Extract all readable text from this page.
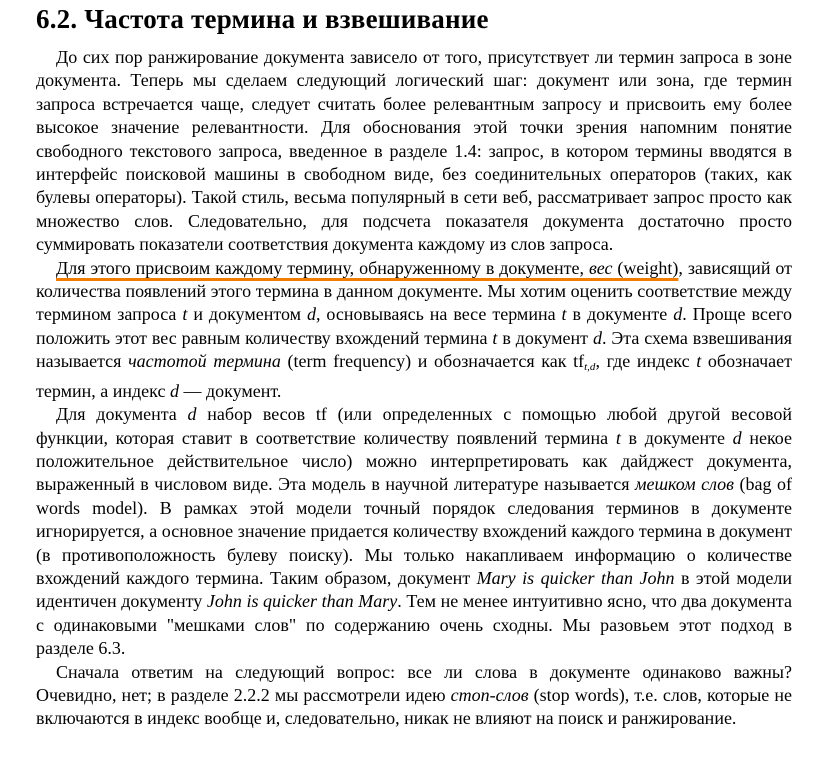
6.2. Частота термина и взвешивание

До сих пор ранжирование документа зависело от того, присутствует ли термин запроса в зоне документа. Теперь мы сделаем следующий логический шаг: документ или зона, где термин запроса встречается чаще, следует считать более релевантным запросу и присвоить ему более высокое значение релевантности. Для обоснования этой точки зрения напомним понятие свободного текстового запроса, введенное в разделе 1.4: запрос, в котором термины вводятся в интерфейс поисковой машины в свободном виде, без соединительных операторов (таких, как булевы операторы). Такой стиль, весьма популярный в сети веб, рассматривает запрос просто как множество слов. Следовательно, для подсчета показателя документа достаточно просто суммировать показатели соответствия документа каждому из слов запроса.

Для этого присвоим каждому термину, обнаруженному в документе, вес (weight), зависящий от количества появлений этого термина в данном документе. Мы хотим оценить соответствие между термином запроса t и документом d, основываясь на весе термина t в документе d. Проще всего положить этот вес равным количеству вхождений термина t в документ d. Эта схема взвешивания называется частотой термина (term frequency) и обозначается как $tf_{t,d}$, где индекс t обозначает термин, а индекс d — документ.

Для документа d набор весов tf (или определенных с помощью любой другой весовой функции, которая ставит в соответствие количеству появлений термина t в документе d некое положительное действительное число) можно интерпретировать как дайджест документа, выраженный в числовом виде. Эта модель в научной литературе называется мешком слов (bag of words model). В рамках этой модели точный порядок следования терминов в документе игнорируется, а основное значение придается количеству вхождений каждого термина в документ (в противоположность булеву поиску). Мы только накапливаем информацию о количестве вхождений каждого термина. Таким образом, документ Mary is quicker than John в этой модели идентичен документу John is quicker than Mary. Тем не менее интуитивно ясно, что два документа с одинаковыми "мешками слов" по содержанию очень сходны. Мы разовьем этот подход в разделе 6.3.

Сначала ответим на следующий вопрос: все ли слова в документе одинаково важны? Очевидно, нет; в разделе 2.2.2 мы рассмотрели идею стоп-слов (stop words), т.е. слов, которые не включаются в индекс вообще и, следовательно, никак не влияют на поиск и ранжирование.
